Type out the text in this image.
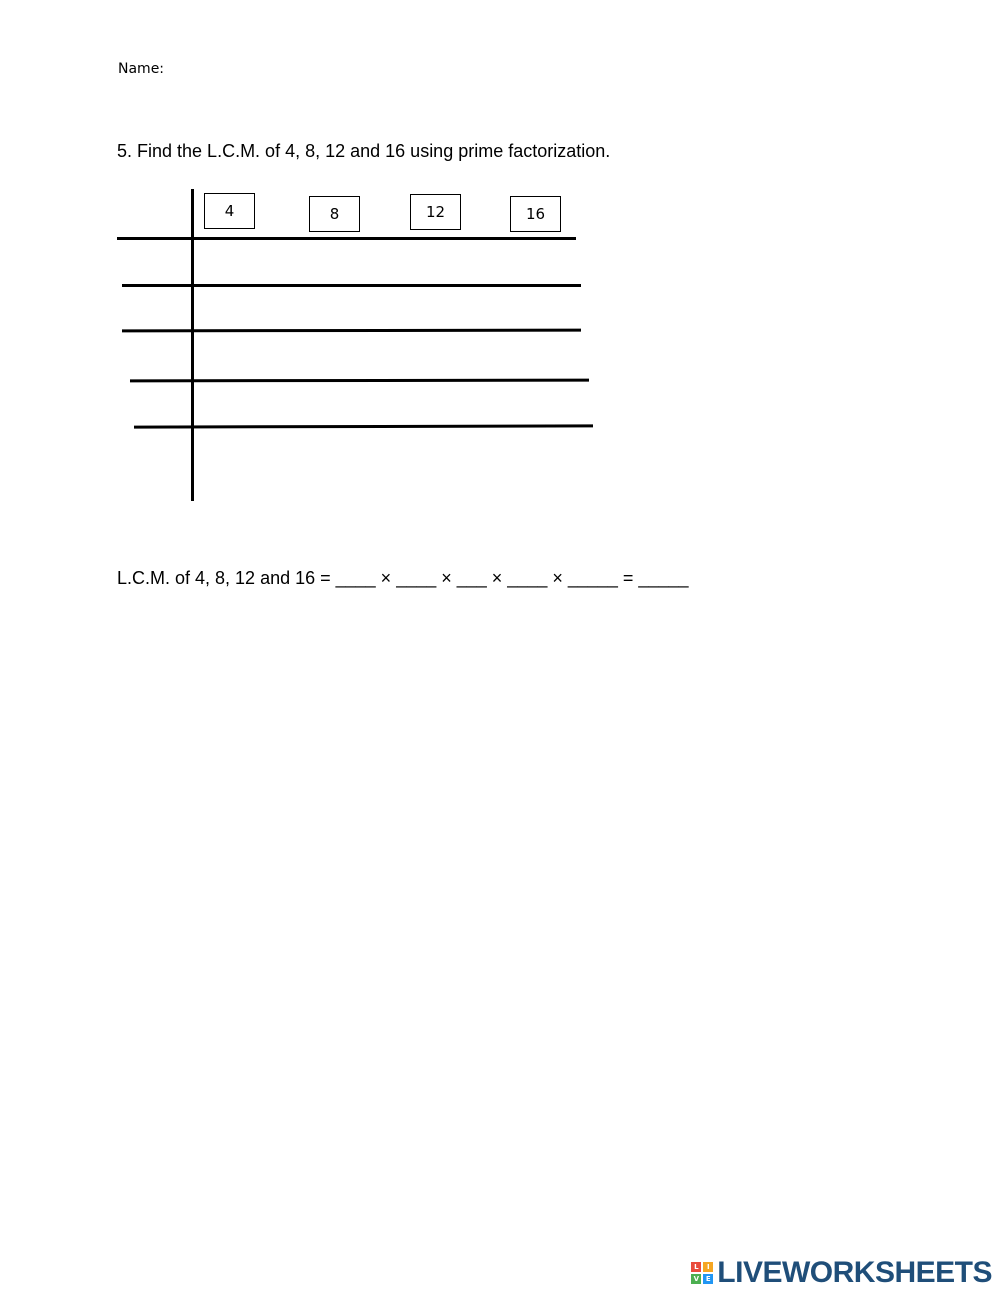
Name:
5. Find the L.C.M. of 4, 8, 12 and 16 using prime factorization.
4	8	12	16
L.C.M. of 4, 8, 12 and 16 = ____ × ____ × ___ × ____ × _____ = _____
L	I
V E LIVEWORKSHEETS
